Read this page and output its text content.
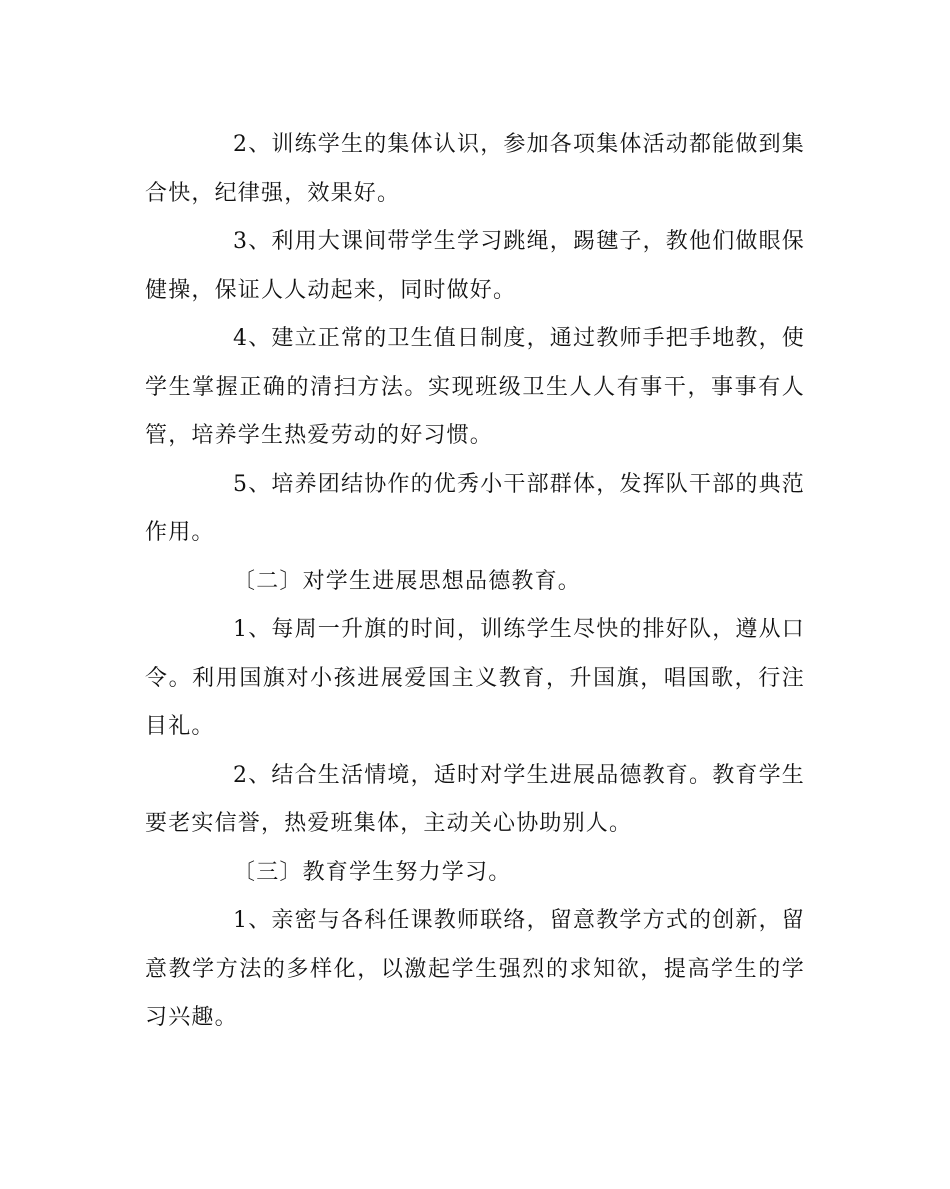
2、训练学生的集体认识，参加各项集体活动都能做到集合快，纪律强，效果好。

3、利用大课间带学生学习跳绳，踢毽子，教他们做眼保健操，保证人人动起来，同时做好。

4、建立正常的卫生值日制度，通过教师手把手地教，使学生掌握正确的清扫方法。实现班级卫生人人有事干，事事有人管，培养学生热爱劳动的好习惯。

5、培养团结协作的优秀小干部群体，发挥队干部的典范作用。

〔二〕对学生进展思想品德教育。

1、每周一升旗的时间，训练学生尽快的排好队，遵从口令。利用国旗对小孩进展爱国主义教育，升国旗，唱国歌，行注目礼。

2、结合生活情境，适时对学生进展品德教育。教育学生要老实信誉，热爱班集体，主动关心协助别人。

〔三〕教育学生努力学习。

1、亲密与各科任课教师联络，留意教学方式的创新，留意教学方法的多样化，以激起学生强烈的求知欲，提高学生的学习兴趣。
